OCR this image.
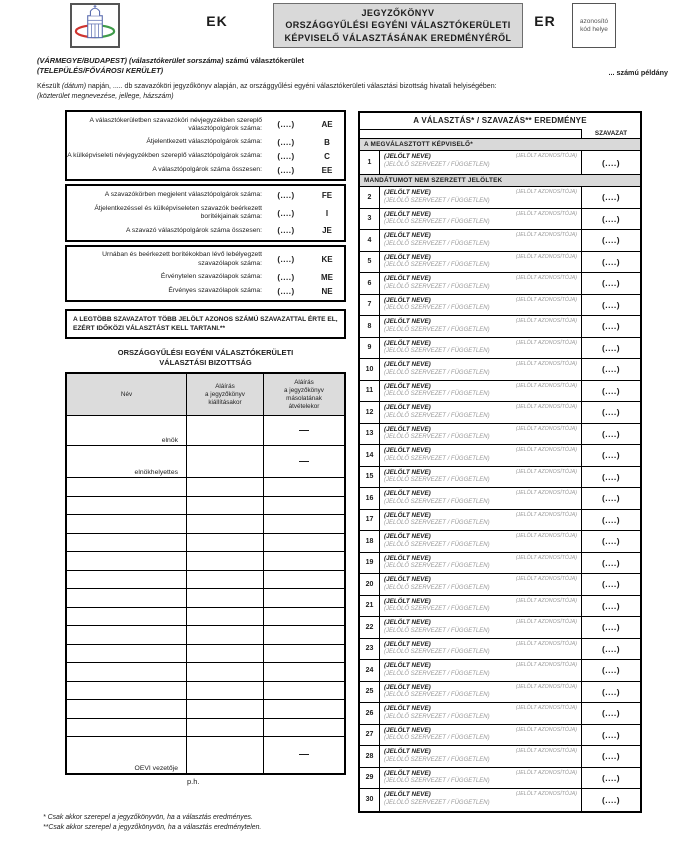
EK
JEGYZŐKÖNYV
ORSZÁGGYŰLÉSI EGYÉNI VÁLASZTÓKERÜLETI
KÉPVISELŐ VÁLASZTÁSÁNAK EREDMÉNYÉRŐL
ER	azonosító
kód helye
(VÁRMEGYE/BUDAPEST) (választókerület sorszáma) számú választókerület
(TELEPÜLÉS/FŐVÁROSI KERÜLET)
Készült (dátum) napján, ..... db szavazóköri jegyzőkönyv alapján, az országgyűlési egyéni választókerületi választási bizottság hivatali helyiségében:
(közterület megnevezése, jellege, házszám)
... számú példány
A választókerületben szavazóköri névjegyzékben szereplő választópolgárok száma:	(....)	AE
Átjelentkezett választópolgárok száma:	(....)	B
A külképviseleti névjegyzékben szereplő választópolgárok száma:	(....)	C
A választópolgárok száma összesen:	(....)	EE
A szavazókörben megjelent választópolgárok száma:	(....)	FE
Átjelentkezéssel és külképviseleten szavazók beérkezett borítékjainak száma:	(....)	I
A szavazó választópolgárok száma összesen:	(....)	JE
Urnában és beérkezett borítékokban lévő lebélyegzett szavazólapok száma:	(....)	KE
Érvénytelen szavazólapok száma:	(....)	ME
Érvényes szavazólapok száma:	(....)	NE
A LEGTÖBB SZAVAZATOT TÖBB JELÖLT AZONOS SZÁMÚ SZAVAZATTAL ÉRTE EL,
EZÉRT IDŐKÖZI VÁLASZTÁST KELL TARTANI.**
ORSZÁGGYŰLÉSI EGYÉNI VÁLASZTÓKERÜLETI
VÁLASZTÁSI BIZOTTSÁG
Név
Aláírás
a jegyzőkönyv
kiállításakor
Aláírás
a jegyzőkönyv
másolatának
átvételekor
elnök
—
elnökhelyettes
—
OEVI vezetője
—
p.h.
* Csak akkor szerepel a jegyzőkönyvön, ha a választás eredményes.
**Csak akkor szerepel a jegyzőkönyvön, ha a választás eredménytelen.
A VÁLASZTÁS* / SZAVAZÁS** EREDMÉNYE
SZAVAZAT
A MEGVÁLASZTOTT KÉPVISELŐ*
1
(JELÖLT NEVE)	(JELÖLT AZONOSÍTÓJA)
(JELÖLŐ SZERVEZET / FÜGGETLEN)	(....)
MANDÁTUMOT NEM SZERZETT JELÖLTEK
2
(JELÖLT NEVE)	(JELÖLT AZONOSÍTÓJA)
(JELÖLŐ SZERVEZET / FÜGGETLEN)	(....)
3
(JELÖLT NEVE)	(JELÖLT AZONOSÍTÓJA)
(JELÖLŐ SZERVEZET / FÜGGETLEN)	(....)
4
(JELÖLT NEVE)	(JELÖLT AZONOSÍTÓJA)
(JELÖLŐ SZERVEZET / FÜGGETLEN)	(....)
5
(JELÖLT NEVE)	(JELÖLT AZONOSÍTÓJA)
(JELÖLŐ SZERVEZET / FÜGGETLEN)	(....)
6
(JELÖLT NEVE)	(JELÖLT AZONOSÍTÓJA)
(JELÖLŐ SZERVEZET / FÜGGETLEN)	(....)
7
(JELÖLT NEVE)	(JELÖLT AZONOSÍTÓJA)
(JELÖLŐ SZERVEZET / FÜGGETLEN)	(....)
8
(JELÖLT NEVE)	(JELÖLT AZONOSÍTÓJA)
(JELÖLŐ SZERVEZET / FÜGGETLEN)	(....)
9
(JELÖLT NEVE)	(JELÖLT AZONOSÍTÓJA)
(JELÖLŐ SZERVEZET / FÜGGETLEN)	(....)
10
(JELÖLT NEVE)	(JELÖLT AZONOSÍTÓJA)
(JELÖLŐ SZERVEZET / FÜGGETLEN)	(....)
11
(JELÖLT NEVE)	(JELÖLT AZONOSÍTÓJA)
(JELÖLŐ SZERVEZET / FÜGGETLEN)	(....)
12
(JELÖLT NEVE)	(JELÖLT AZONOSÍTÓJA)
(JELÖLŐ SZERVEZET / FÜGGETLEN)	(....)
13
(JELÖLT NEVE)	(JELÖLT AZONOSÍTÓJA)
(JELÖLŐ SZERVEZET / FÜGGETLEN)	(....)
14
(JELÖLT NEVE)	(JELÖLT AZONOSÍTÓJA)
(JELÖLŐ SZERVEZET / FÜGGETLEN)	(....)
15
(JELÖLT NEVE)	(JELÖLT AZONOSÍTÓJA)
(JELÖLŐ SZERVEZET / FÜGGETLEN)	(....)
16
(JELÖLT NEVE)	(JELÖLT AZONOSÍTÓJA)
(JELÖLŐ SZERVEZET / FÜGGETLEN)	(....)
17
(JELÖLT NEVE)	(JELÖLT AZONOSÍTÓJA)
(JELÖLŐ SZERVEZET / FÜGGETLEN)	(....)
18
(JELÖLT NEVE)	(JELÖLT AZONOSÍTÓJA)
(JELÖLŐ SZERVEZET / FÜGGETLEN)	(....)
19
(JELÖLT NEVE)	(JELÖLT AZONOSÍTÓJA)
(JELÖLŐ SZERVEZET / FÜGGETLEN)	(....)
20
(JELÖLT NEVE)	(JELÖLT AZONOSÍTÓJA)
(JELÖLŐ SZERVEZET / FÜGGETLEN)	(....)
21
(JELÖLT NEVE)	(JELÖLT AZONOSÍTÓJA)
(JELÖLŐ SZERVEZET / FÜGGETLEN)	(....)
22
(JELÖLT NEVE)	(JELÖLT AZONOSÍTÓJA)
(JELÖLŐ SZERVEZET / FÜGGETLEN)	(....)
23
(JELÖLT NEVE)	(JELÖLT AZONOSÍTÓJA)
(JELÖLŐ SZERVEZET / FÜGGETLEN)	(....)
24
(JELÖLT NEVE)	(JELÖLT AZONOSÍTÓJA)
(JELÖLŐ SZERVEZET / FÜGGETLEN)	(....)
25
(JELÖLT NEVE)	(JELÖLT AZONOSÍTÓJA)
(JELÖLŐ SZERVEZET / FÜGGETLEN)	(....)
26
(JELÖLT NEVE)	(JELÖLT AZONOSÍTÓJA)
(JELÖLŐ SZERVEZET / FÜGGETLEN)	(....)
27
(JELÖLT NEVE)	(JELÖLT AZONOSÍTÓJA)
(JELÖLŐ SZERVEZET / FÜGGETLEN)	(....)
28
(JELÖLT NEVE)	(JELÖLT AZONOSÍTÓJA)
(JELÖLŐ SZERVEZET / FÜGGETLEN)	(....)
29
(JELÖLT NEVE)	(JELÖLT AZONOSÍTÓJA)
(JELÖLŐ SZERVEZET / FÜGGETLEN)	(....)
30
(JELÖLT NEVE)	(JELÖLT AZONOSÍTÓJA)
(JELÖLŐ SZERVEZET / FÜGGETLEN)	(....)
